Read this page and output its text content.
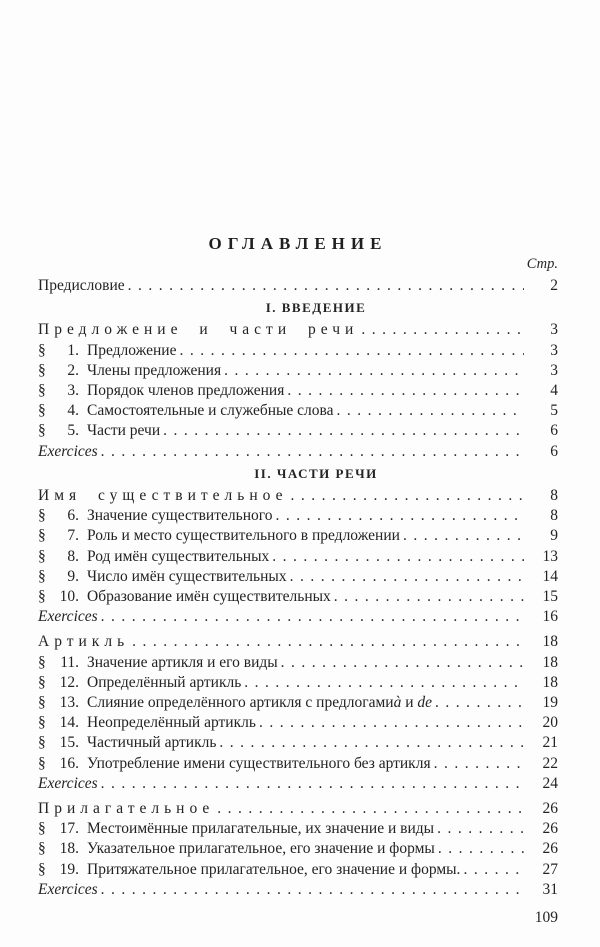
ОГЛАВЛЕНИЕ
Стр.
Предисловие .....	2
I. ВВЕДЕНИЕ
Предложение и части речи .....	3
§	1. Предложение .....	3
§	2. Члены предложения .....	3
§	3. Порядок членов предложения .....	4
§	4. Самостоятельные и служебные слова .....	5
§	5. Части речи .....	6
Exercices .....	6
II. ЧАСТИ РЕЧИ
Имя существительное .....	8
§	6. Значение существительного .....	8
§	7. Роль и место существительного в предложении .....	9
§	8. Род имён существительных .....	13
§	9. Число имён существительных .....	14
§ 10. Образование имён существительных .....	15
Exercices .....	16
Артикль .....	18
§ 11. Значение артикля и его виды .....	18
§ 12. Определённый артикль .....	18
§ 13. Слияние определённого артикля с предлогами à и de .....	19
§ 14. Неопределённый артикль .....	20
§ 15. Частичный артикль .....	21
§ 16. Употребление имени существительного без артикля .....	22
Exercices .....	24
Прилагательное .....	26
§ 17. Местоимённые прилагательные, их значение и виды .....	26
§ 18. Указательное прилагательное, его значение и формы .....	26
§ 19. Притяжательное прилагательное, его значение и формы. .....	27
Exercices .....	31
109
